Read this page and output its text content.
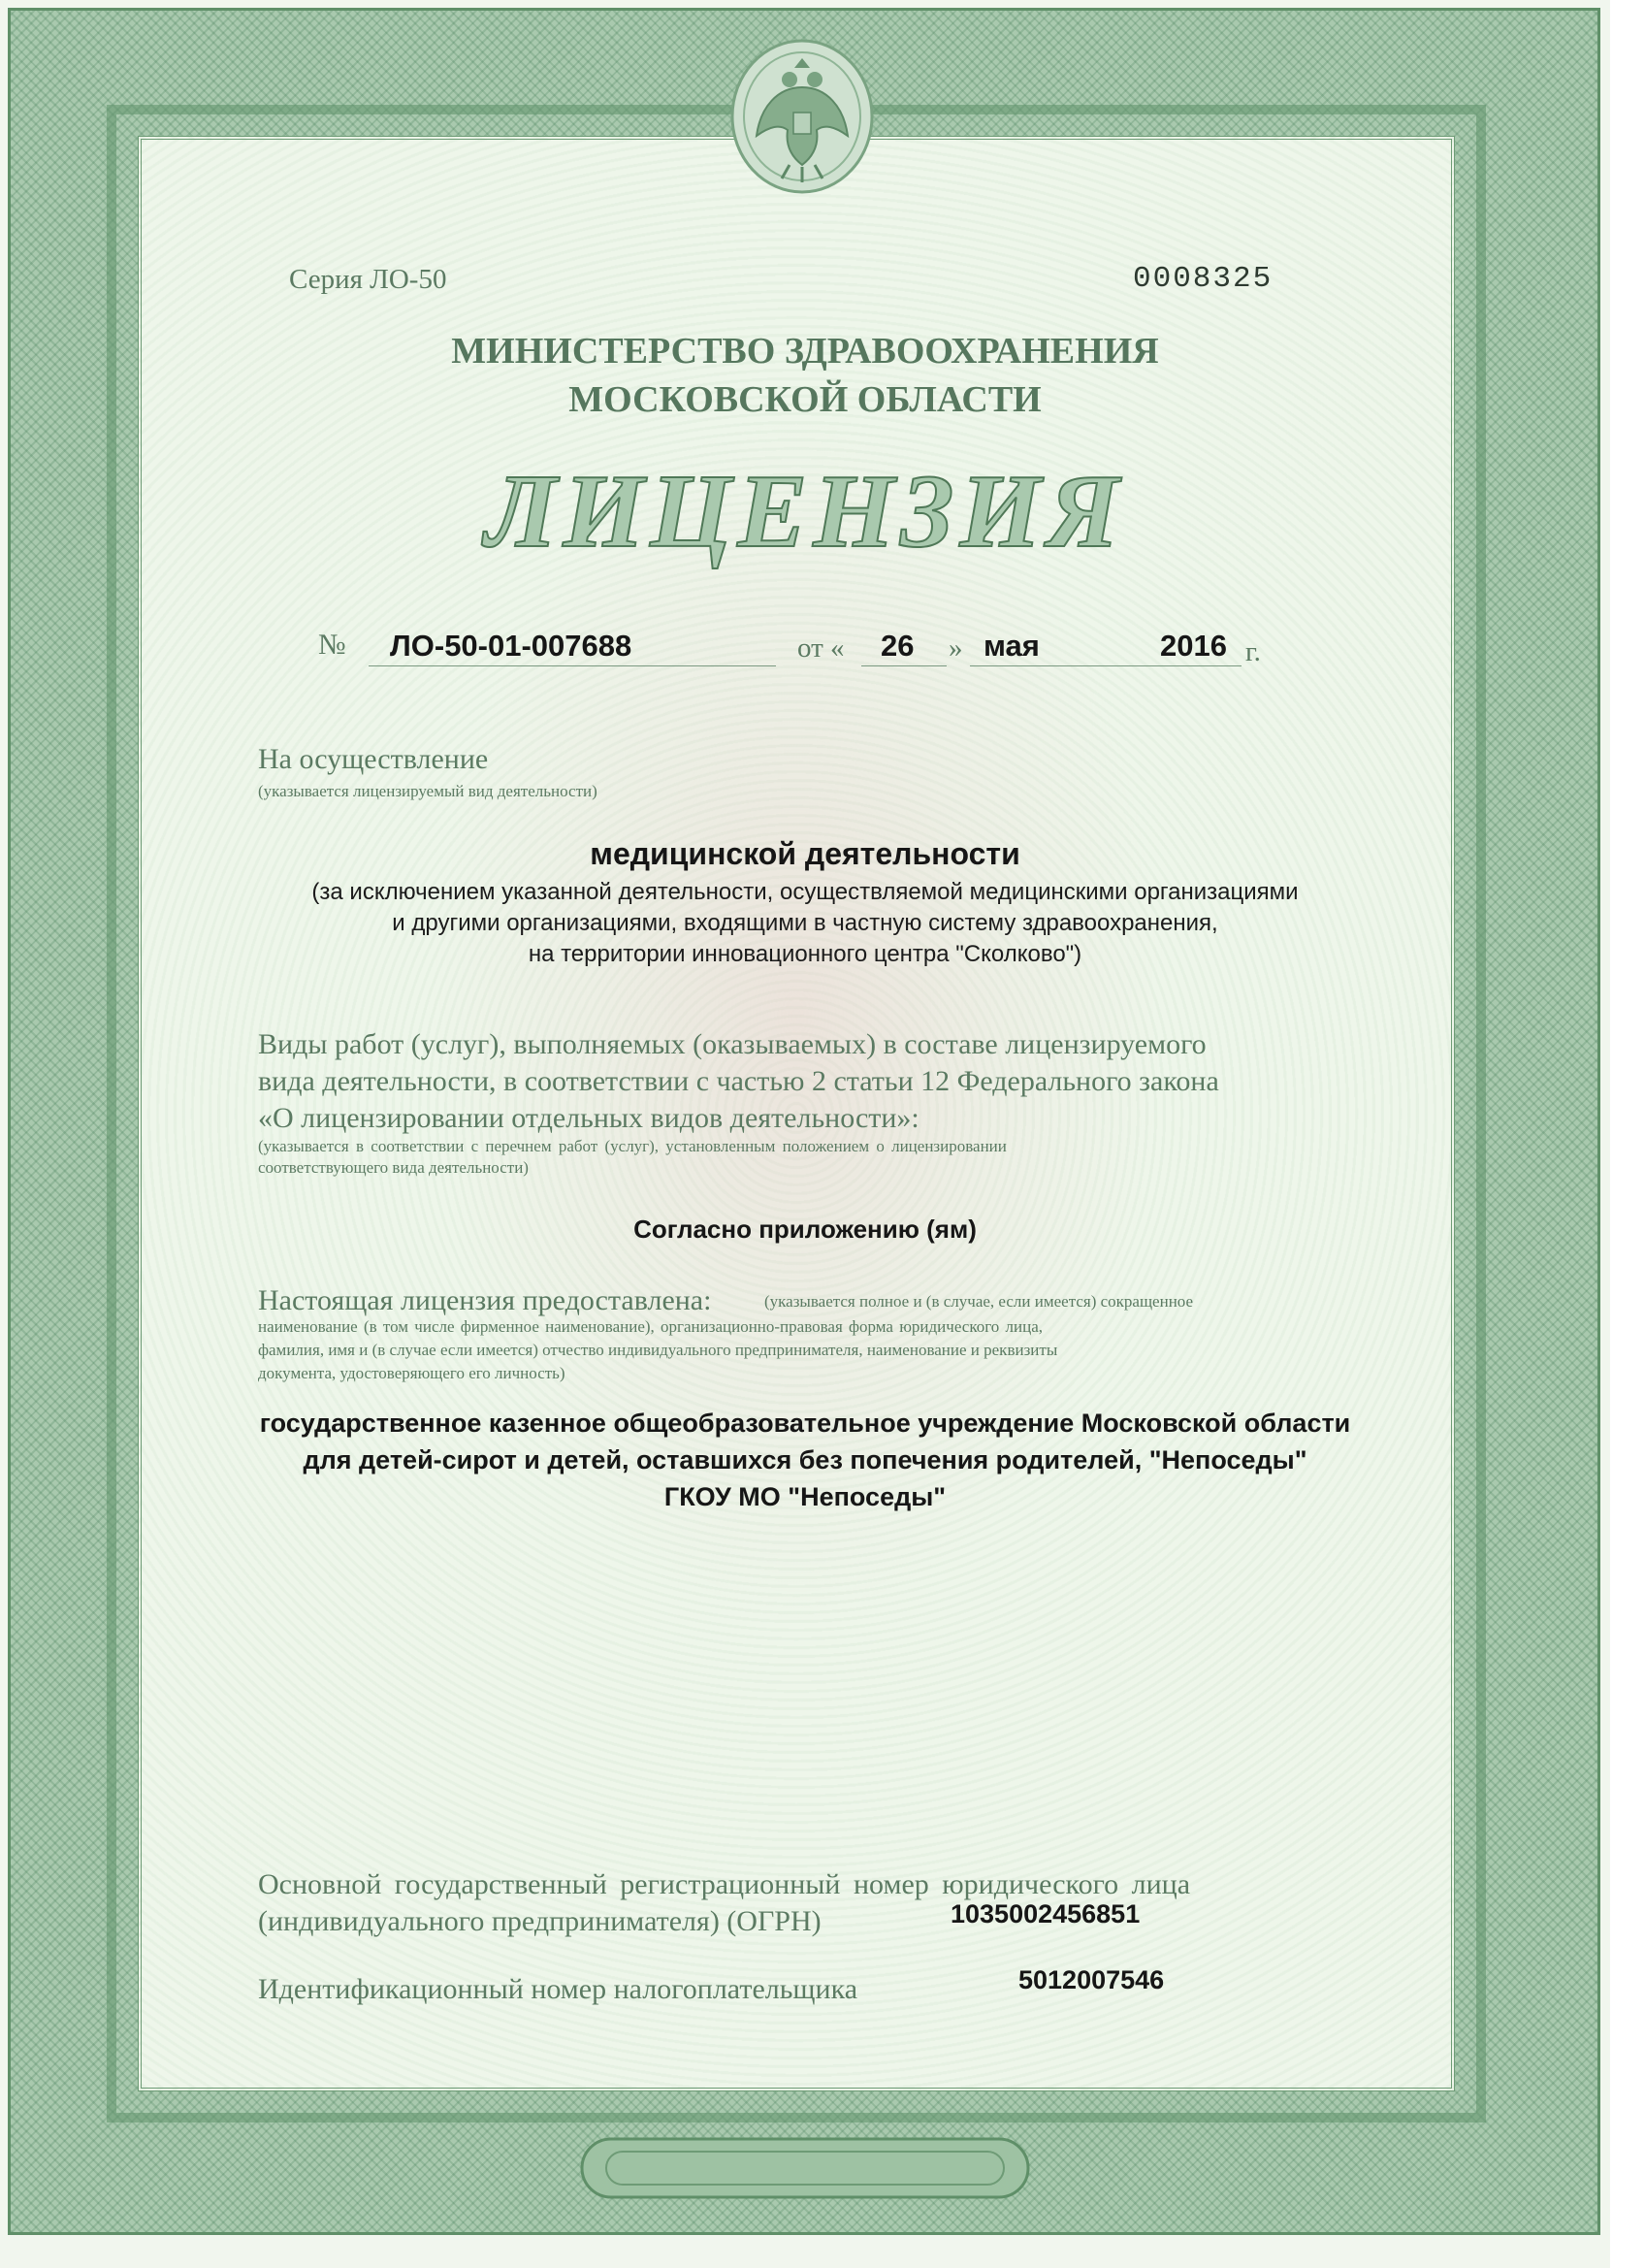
Серия ЛО-50	0008325
МИНИСТЕРСТВО ЗДРАВООХРАНЕНИЯ
МОСКОВСКОЙ ОБЛАСТИ
ЛИЦЕНЗИЯ
№ ЛО-50-01-007688	от « 26 » мая	2016 г.
На осуществление
(указывается лицензируемый вид деятельности)
медицинской деятельности
(за исключением указанной деятельности, осуществляемой медицинскими организациями
и другими организациями, входящими в частную систему здравоохранения,
на территории инновационного центра "Сколково")
Виды работ (услуг), выполняемых (оказываемых) в составе лицензируемого
вида деятельности, в соответствии с частью 2 статьи 12 Федерального закона
«О лицензировании отдельных видов деятельности»:
(указывается в соответствии с перечнем работ (услуг), установленным положением о лицензировании
соответствующего вида деятельности)
Согласно приложению (ям)
Настоящая лицензия предоставлена:	(указывается полное и (в случае, если имеется) сокращенное
наименование (в том числе фирменное наименование), организационно-правовая форма юридического лица,
фамилия, имя и (в случае если имеется) отчество индивидуального предпринимателя, наименование и реквизиты
документа, удостоверяющего его личность)
государственное казенное общеобразовательное учреждение Московской области
для детей-сирот и детей, оставшихся без попечения родителей, "Непоседы"
ГКОУ МО "Непоседы"
Основной государственный регистрационный номер юридического лица
(индивидуального предпринимателя) (ОГРН)	1035002456851
Идентификационный номер налогоплательщика	5012007546
